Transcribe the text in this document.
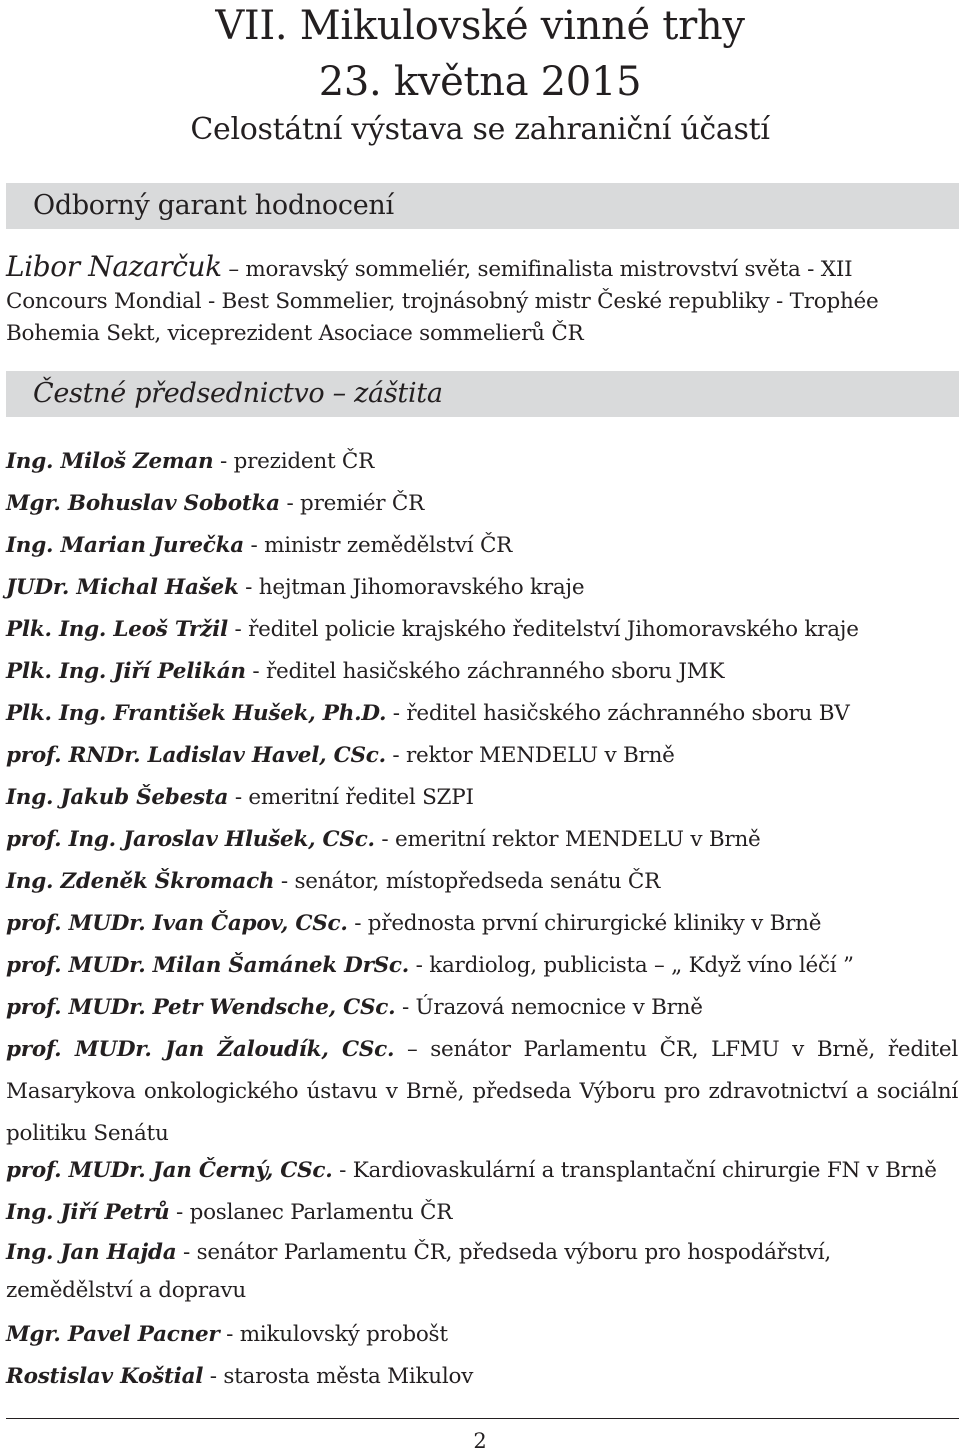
VII. Mikulovské vinné trhy
23. května 2015
Celostátní výstava se zahraniční účastí
Odborný garant hodnocení

Libor Nazarčuk – moravský sommeliér, semifinalista mistrovství světa - XII Concours Mondial - Best Sommelier, trojnásobný mistr České republiky - Trophée Bohemia Sekt, viceprezident Asociace sommelierů ČR

Čestné předsednictvo – záštita

Ing. Miloš Zeman - prezident ČR

Mgr. Bohuslav Sobotka - premiér ČR

Ing. Marian Jurečka - ministr zemědělství ČR

JUDr. Michal Hašek - hejtman Jihomoravského kraje

Plk. Ing. Leoš Tržil - ředitel policie krajského ředitelství Jihomoravského kraje

Plk. Ing. Jiří Pelikán - ředitel hasičského záchranného sboru JMK

Plk. Ing. František Hušek, Ph.D. - ředitel hasičského záchranného sboru BV

prof. RNDr. Ladislav Havel, CSc. - rektor MENDELU v Brně

Ing. Jakub Šebesta - emeritní ředitel SZPI

prof. Ing. Jaroslav Hlušek, CSc. - emeritní rektor MENDELU v Brně

Ing. Zdeněk Škromach - senátor, místopředseda senátu ČR

prof. MUDr. Ivan Čapov, CSc. - přednosta první chirurgické kliniky v Brně

prof. MUDr. Milan Šamánek DrSc. - kardiolog, publicista – „ Když víno léčí ”

prof. MUDr. Petr Wendsche, CSc. - Úrazová nemocnice v Brně

prof. MUDr. Jan Žaloudík, CSc. – senátor Parlamentu ČR, LFMU v Brně, ředitel Masarykova onkologického ústavu v Brně, předseda Výboru pro zdravotnictví a sociální politiku Senátu

prof. MUDr. Jan Černý, CSc. - Kardiovaskulární a transplantační chirurgie FN v Brně

Ing. Jiří Petrů - poslanec Parlamentu ČR

Ing. Jan Hajda - senátor Parlamentu ČR, předseda výboru pro hospodářství, zemědělství a dopravu

Mgr. Pavel Pacner - mikulovský probošt

Rostislav Koštial - starosta města Mikulov

2
